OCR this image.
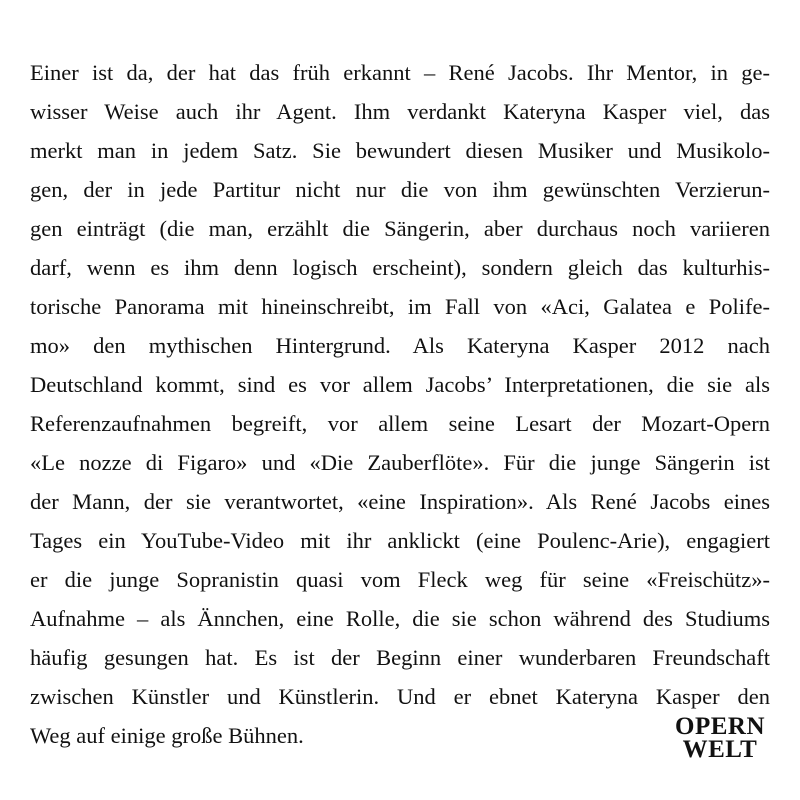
Einer ist da, der hat das früh erkannt – René Jacobs. Ihr Mentor, in ge-
wisser Weise auch ihr Agent. Ihm verdankt Kateryna Kasper viel, das
merkt man in jedem Satz. Sie bewundert diesen Musiker und Musikolo-
gen, der in jede Partitur nicht nur die von ihm gewünschten Verzierun-
gen einträgt (die man, erzählt die Sängerin, aber durchaus noch variieren
darf, wenn es ihm denn logisch erscheint), sondern gleich das kulturhis-
torische Panorama mit hineinschreibt, im Fall von «Aci, Galatea e Polife-
mo» den mythischen Hintergrund. Als Kateryna Kasper 2012 nach
Deutschland kommt, sind es vor allem Jacobs’ Interpretationen, die sie als
Referenzaufnahmen begreift, vor allem seine Lesart der Mozart-Opern
«Le nozze di Figaro» und «Die Zauberflöte». Für die junge Sängerin ist
der Mann, der sie verantwortet, «eine Inspiration». Als René Jacobs eines
Tages ein YouTube-Video mit ihr anklickt (eine Poulenc-Arie), engagiert
er die junge Sopranistin quasi vom Fleck weg für seine «Freischütz»-
Aufnahme – als Ännchen, eine Rolle, die sie schon während des Studiums
häufig gesungen hat. Es ist der Beginn einer wunderbaren Freundschaft
zwischen Künstler und Künstlerin. Und er ebnet Kateryna Kasper den
Weg auf einige große Bühnen.	OPERN
WELT
